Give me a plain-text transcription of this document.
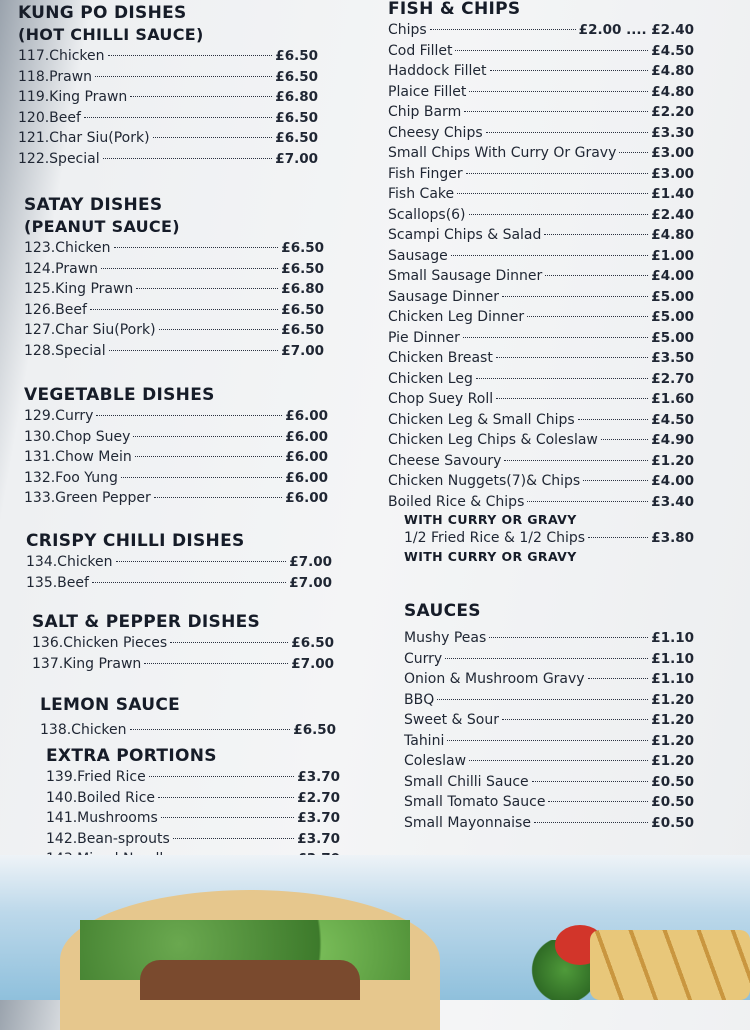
KUNG PO DISHES
(HOT CHILLI SAUCE)
117.Chicken	£6.50
118.Prawn	£6.50
119.King Prawn	£6.80
120.Beef	£6.50
121.Char Siu(Pork)	£6.50
122.Special	£7.00
SATAY DISHES
(PEANUT SAUCE)
123.Chicken	£6.50
124.Prawn	£6.50
125.King Prawn	£6.80
126.Beef	£6.50
127.Char Siu(Pork)	£6.50
128.Special	£7.00
VEGETABLE DISHES
129.Curry	£6.00
130.Chop Suey	£6.00
131.Chow Mein	£6.00
132.Foo Yung	£6.00
133.Green Pepper	£6.00
CRISPY CHILLI DISHES
134.Chicken	£7.00
135.Beef	£7.00
SALT & PEPPER DISHES
136.Chicken Pieces	£6.50
137.King Prawn	£7.00
LEMON SAUCE
138.Chicken	£6.50
EXTRA PORTIONS
139.Fried Rice	£3.70
140.Boiled Rice	£2.70
141.Mushrooms	£3.70
142.Bean-sprouts	£3.70
FISH & CHIPS
Chips	£2.00 .... £2.40
Cod Fillet	£4.50
Haddock Fillet	£4.80
Plaice Fillet	£4.80
Chip Barm	£2.20
Cheesy Chips	£3.30
Small Chips With Curry Or Gravy	£3.00
Fish Finger	£3.00
Fish Cake	£1.40
Scallops(6)	£2.40
Scampi Chips & Salad	£4.80
Sausage	£1.00
Small Sausage Dinner	£4.00
Sausage Dinner	£5.00
Chicken Leg Dinner	£5.00
Pie Dinner	£5.00
Chicken Breast	£3.50
Chicken Leg	£2.70
Chop Suey Roll	£1.60
Chicken Leg & Small Chips	£4.50
Chicken Leg Chips & Coleslaw	£4.90
Cheese Savoury	£1.20
Chicken Nuggets(7)& Chips	£4.00
Boiled Rice & Chips	£3.40
WITH CURRY OR GRAVY
1/2 Fried Rice & 1/2 Chips	£3.80
WITH CURRY OR GRAVY
SAUCES
Mushy Peas	£1.10
Curry	£1.10
Onion & Mushroom Gravy	£1.10
BBQ	£1.20
Sweet & Sour	£1.20
Tahini	£1.20
Coleslaw	£1.20
Small Chilli Sauce	£0.50
Small Tomato Sauce	£0.50
Small Mayonnaise	£0.50
